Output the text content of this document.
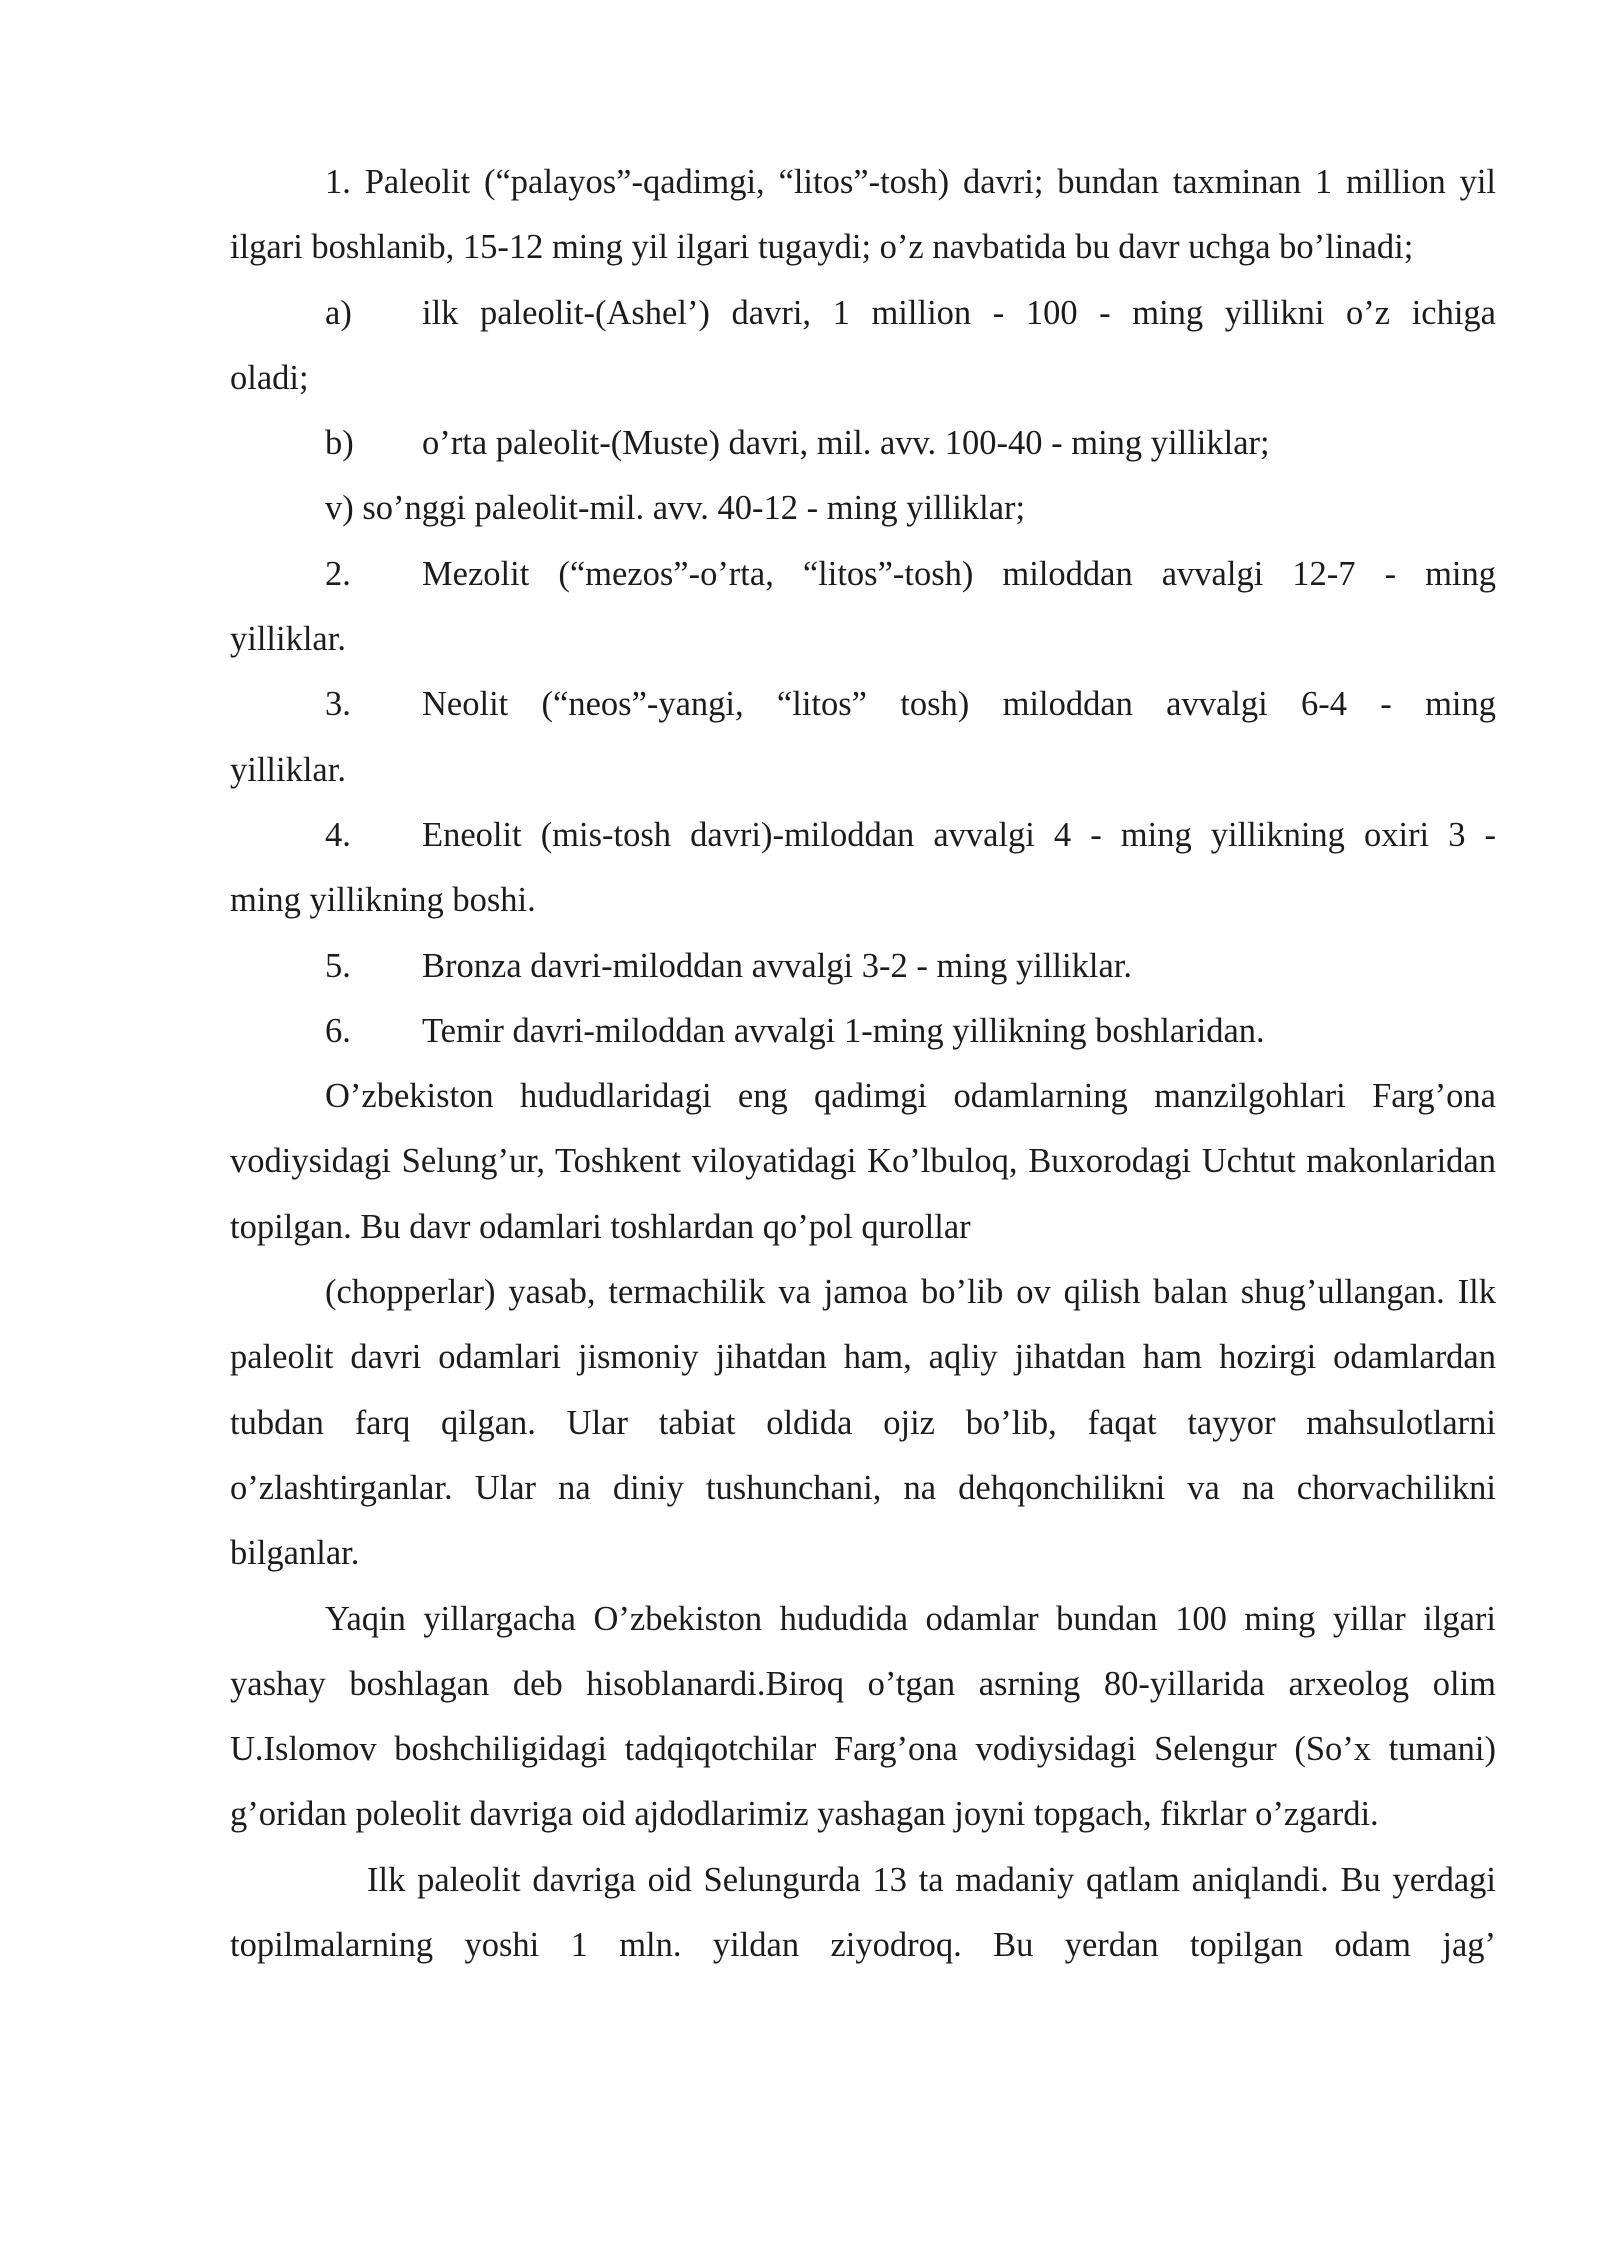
1. Paleolit (“palayos”-qadimgi, “litos”-tosh) davri; bundan taxminan 1 million yil ilgari boshlanib, 15-12 ming yil ilgari tugaydi; o’z navbatida bu davr uchga bo’linadi;

a)	ilk paleolit-(Ashel’) davri, 1 million - 100 - ming yillikni o’z ichiga

oladi;

b)	o’rta paleolit-(Muste) davri, mil. avv. 100-40 - ming yilliklar;

v) so’nggi paleolit-mil. avv. 40-12 - ming yilliklar;

2.	Mezolit (“mezos”-o’rta, “litos”-tosh) miloddan avvalgi 12-7 - ming

yilliklar.

3.	Neolit (“neos”-yangi, “litos” tosh) miloddan avvalgi 6-4 - ming

yilliklar.

4.	Eneolit (mis-tosh davri)-miloddan avvalgi 4 - ming yillikning oxiri 3 -

ming yillikning boshi.

5.	Bronza davri-miloddan avvalgi 3-2 - ming yilliklar.
6.	Temir davri-miloddan avvalgi 1-ming yillikning boshlaridan.

O’zbekiston hududlaridagi eng qadimgi odamlarning manzilgohlari Farg’ona vodiysidagi Selung’ur, Toshkent viloyatidagi Ko’lbuloq, Buxorodagi Uchtut makonlaridan topilgan. Bu davr odamlari toshlardan qo’pol qurollar

(chopperlar) yasab, termachilik va jamoa bo’lib ov qilish balan shug’ullangan. Ilk paleolit davri odamlari jismoniy jihatdan ham, aqliy jihatdan ham hozirgi odamlardan tubdan farq qilgan. Ular tabiat oldida ojiz bo’lib, faqat tayyor mahsulotlarni o’zlashtirganlar. Ular na diniy tushunchani, na dehqonchilikni va na chorvachilikni bilganlar.

Yaqin yillargacha O’zbekiston hududida odamlar bundan 100 ming yillar ilgari yashay boshlagan deb hisoblanardi.Biroq o’tgan asrning 80-yillarida arxeolog olim U.Islomov boshchiligidagi tadqiqotchilar Farg’ona vodiysidagi Selengur (So’x tumani) g’oridan poleolit davriga oid ajdodlarimiz yashagan joyni topgach, fikrlar o’zgardi.

Ilk paleolit davriga oid Selungurda 13 ta madaniy qatlam aniqlandi. Bu yerdagi topilmalarning yoshi 1 mln. yildan ziyodroq. Bu yerdan topilgan odam jag’
